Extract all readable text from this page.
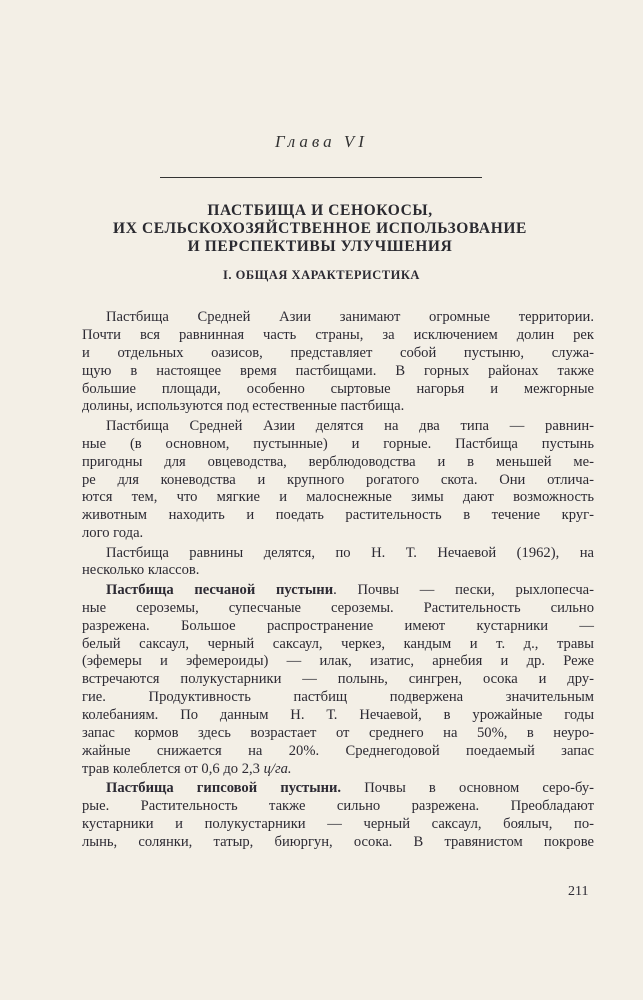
Глава VI
ПАСТБИЩА И СЕНОКОСЫ,
ИХ СЕЛЬСКОХОЗЯЙСТВЕННОЕ ИСПОЛЬЗОВАНИЕ
И ПЕРСПЕКТИВЫ УЛУЧШЕНИЯ
I. ОБЩАЯ ХАРАКТЕРИСТИКА
Пастбища Средней Азии занимают огромные территории.
Почти вся равнинная часть страны, за исключением долин рек
и отдельных оазисов, представляет собой пустыню, служа-
щую в настоящее время пастбищами. В горных районах также
большие площади, особенно сыртовые нагорья и межгорные
долины, используются под естественные пастбища.
Пастбища Средней Азии делятся на два типа — равнин-
ные (в основном, пустынные) и горные. Пастбища пустынь
пригодны для овцеводства, верблюдоводства и в меньшей ме-
ре для коневодства и крупного рогатого скота. Они отлича-
ются тем, что мягкие и малоснежные зимы дают возможность
животным находить и поедать растительность в течение круг-
лого года.
Пастбища равнины делятся, по Н. Т. Нечаевой (1962), на
несколько классов.
Пастбища песчаной пустыни. Почвы — пески, рыхлопесча-
ные сероземы, супесчаные сероземы. Растительность сильно
разрежена. Большое распространение имеют кустарники —
белый саксаул, черный саксаул, черкез, кандым и т. д., травы
(эфемеры и эфемероиды) — илак, изатис, арнебия и др. Реже
встречаются полукустарники — полынь, сингрен, осока и дру-
гие. Продуктивность пастбищ подвержена значительным
колебаниям. По данным Н. Т. Нечаевой, в урожайные годы
запас кормов здесь возрастает от среднего на 50%, в неуро-
жайные снижается на 20%. Среднегодовой поедаемый запас
трав колеблется от 0,6 до 2,3 ц/га.
Пастбища гипсовой пустыни. Почвы в основном серо-бу-
рые. Растительность также сильно разрежена. Преобладают
кустарники и полукустарники — черный саксаул, боялыч, по-
лынь, солянки, татыр, биюргун, осока. В травянистом покрове
211
